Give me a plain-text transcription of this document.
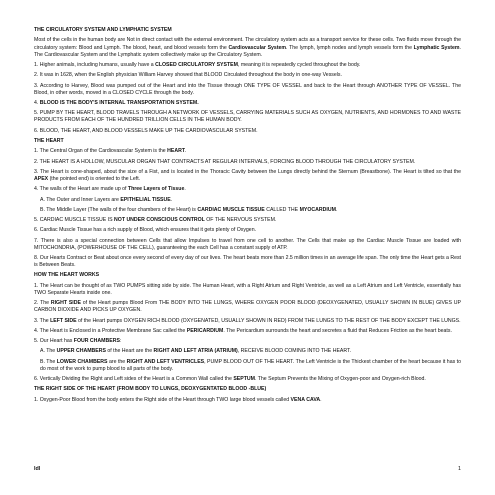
THE CIRCULATORY SYSTEM AND LYMPHATIC SYSTEM
Most of the cells in the human body are Not in direct contact with the external environment. The circulatory system acts as a transport service for these cells. Two fluids move through the circulatory system: Blood and Lymph. The blood, heart, and blood vessels form the Cardiovascular System. The lymph, lymph nodes and lymph vessels form the Lymphatic System. The Cardiovascular System and the Lymphatic system collectively make up the Circulatory System.
1. Higher animals, including humans, usually have a CLOSED CIRCULATORY SYSTEM, meaning it is repeatedly cycled throughout the body.
2. It was in 1628, when the English physician William Harvey showed that BLOOD Circulated throughout the body in one-way Vessels.
3. According to Harvey, Blood was pumped out of the Heart and into the Tissue through ONE TYPE OF VESSEL and back to the Heart through ANOTHER TYPE OF VESSEL. The Blood, in other words, moved in a CLOSED CYCLE through the body.
4. BLOOD IS THE BODY'S INTERNAL TRANSPORTATION SYSTEM.
5. PUMP BY THE HEART, BLOOD TRAVELS THROUGH A NETWORK OF VESSELS, CARRYING MATERIALS SUCH AS OXYGEN, NUTRIENTS, AND HORMONES TO AND WASTE PRODUCTS FROM EACH OF THE HUNDRED TRILLION CELLS IN THE HUMAN BODY.
6. BLOOD, THE HEART, AND BLOOD VESSELS MAKE UP THE CARDIOVASCULAR SYSTEM.
THE HEART
1. The Central Organ of the Cardiovascular System is the HEART.
2. THE HEART IS A HOLLOW, MUSCULAR ORGAN THAT CONTRACTS AT REGULAR INTERVALS, FORCING BLOOD THROUGH THE CIRCULATORY SYSTEM.
3. The Heart is cone-shaped, about the size of a Fist, and is located in the Thoracic Cavity between the Lungs directly behind the Sternum (Breastbone). The Heart is tilted so that the APEX (the pointed end) is oriented to the Left.
4. The walls of the Heart are made up of Three Layers of Tissue.
A. The Outer and Inner Layers are EPITHELIAL TISSUE.
B. The Middle Layer (The walls of the four chambers of the Heart) is CARDIAC MUSCLE TISSUE CALLED THE MYOCARDIUM.
5. CARDIAC MUSCLE TISSUE IS NOT UNDER CONSCIOUS CONTROL OF THE NERVOUS SYSTEM.
6. Cardiac Muscle Tissue has a rich supply of Blood, which ensures that it gets plenty of Oxygen.
7. There is also a special connection between Cells that allow Impulses to travel from one cell to another. The Cells that make up the Cardiac Muscle Tissue are loaded with MITOCHONDRIA, (POWERHOUSE OF THE CELL), guaranteeing the each Cell has a constant supply of ATP.
8. Our Hearts Contract or Beat about once every second of every day of our lives. The heart beats more than 2.5 million times in an average life span. The only time the Heart gets a Rest is Between Beats.
HOW THE HEART WORKS
1. The Heart can be thought of as TWO PUMPS sitting side by side. The Human Heart, with a Right Atrium and Right Ventricle, as well as a Left Atrium and Left Ventricle, essentially has TWO Separate Hearts inside one.
2. The RIGHT SIDE of the Heart pumps Blood From THE BODY INTO THE LUNGS, WHERE OXYGEN POOR BLOOD (DEOXYGENATED, USUALLY SHOWN IN BLUE) GIVES UP CARBON DIOXIDE AND PICKS UP OXYGEN.
3. The LEFT SIDE of the Heart pumps OXYGEN RICH BLOOD (OXYGENATED, USUALLY SHOWN IN RED) FROM THE LUNGS TO THE REST OF THE BODY EXCEPT THE LUNGS.
4. The Heart is Enclosed in a Protective Membrane Sac called the PERICARDIUM. The Pericardium surrounds the heart and secretes a fluid that Reduces Friction as the heart beats.
5. Our Heart has FOUR CHAMBERS:
A. The UPPER CHAMBERS of the Heart are the RIGHT AND LEFT ATRIA (ATRIUM), RECEIVE BLOOD COMING INTO THE HEART.
B. The LOWER CHAMBERS are the RIGHT AND LEFT VENTRICLES, PUMP BLOOD OUT OF THE HEART. The Left Ventricle is the Thickest chamber of the heart because it has to do most of the work to pump blood to all parts of the body.
6. Vertically Dividing the Right and Left sides of the Heart is a Common Wall called the SEPTUM. The Septum Prevents the Mixing of Oxygen-poor and Oxygen-rich Blood.
THE RIGHT SIDE OF THE HEART (FROM BODY TO LUNGS, DEOXYGENTATED BLOOD -BLUE)
1. Oxygen-Poor Blood from the body enters the Right side of the Heart through TWO large blood vessels called VENA CAVA.
ldl	1
